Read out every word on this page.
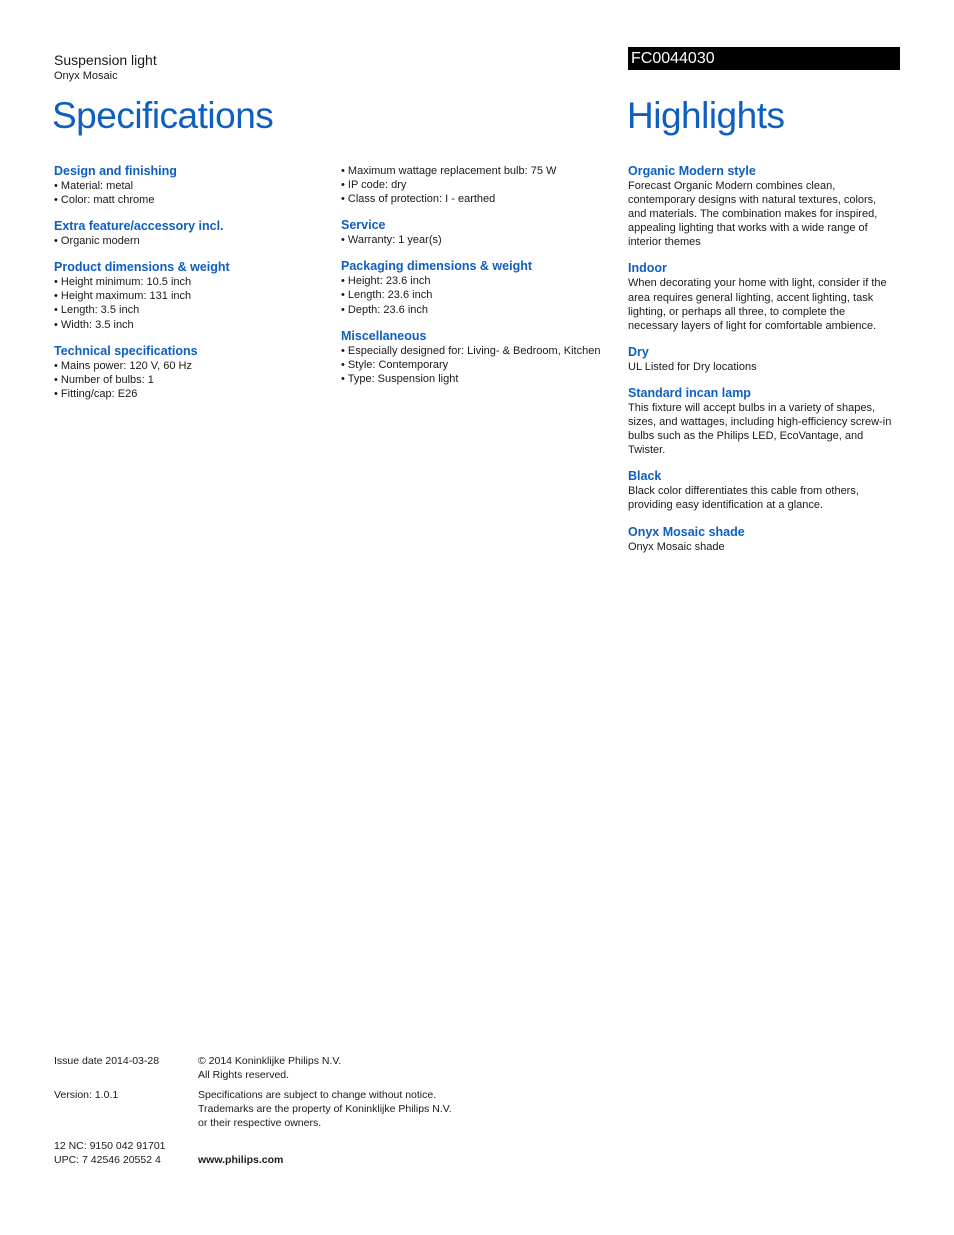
Suspension light
Onyx Mosaic
FC0044030
Specifications	Highlights
Design and finishing
• Material: metal
• Color: matt chrome
Extra feature/accessory incl.
• Organic modern
Product dimensions & weight
• Height minimum: 10.5 inch
• Height maximum: 131 inch
• Length: 3.5 inch
• Width: 3.5 inch
Technical specifications
• Mains power: 120 V, 60 Hz
• Number of bulbs: 1
• Fitting/cap: E26
• Maximum wattage replacement bulb: 75 W
• IP code: dry
• Class of protection: I - earthed
Service
• Warranty: 1 year(s)
Packaging dimensions & weight
• Height: 23.6 inch
• Length: 23.6 inch
• Depth: 23.6 inch
Miscellaneous
• Especially designed for: Living- & Bedroom, Kitchen
• Style: Contemporary
• Type: Suspension light
Organic Modern style

Forecast Organic Modern combines clean,
contemporary designs with natural textures, colors,
and materials. The combination makes for inspired,
appealing lighting that works with a wide range of
interior themes

Indoor

When decorating your home with light, consider if the
area requires general lighting, accent lighting, task
lighting, or perhaps all three, to complete the
necessary layers of light for comfortable ambience.

Dry

UL Listed for Dry locations

Standard incan lamp

This fixture will accept bulbs in a variety of shapes,
sizes, and wattages, including high-efficiency screw-in
bulbs such as the Philips LED, EcoVantage, and
Twister.

Black

Black color differentiates this cable from others,
providing easy identification at a glance.

Onyx Mosaic shade

Onyx Mosaic shade

Issue date 2014-03-28
Version: 1.0.1
12 NC: 9150 042 91701
UPC: 7 42546 20552 4
© 2014 Koninklijke Philips N.V.
All Rights reserved.
Specifications are subject to change without notice.
Trademarks are the property of Koninklijke Philips N.V.
or their respective owners.
www.philips.com
